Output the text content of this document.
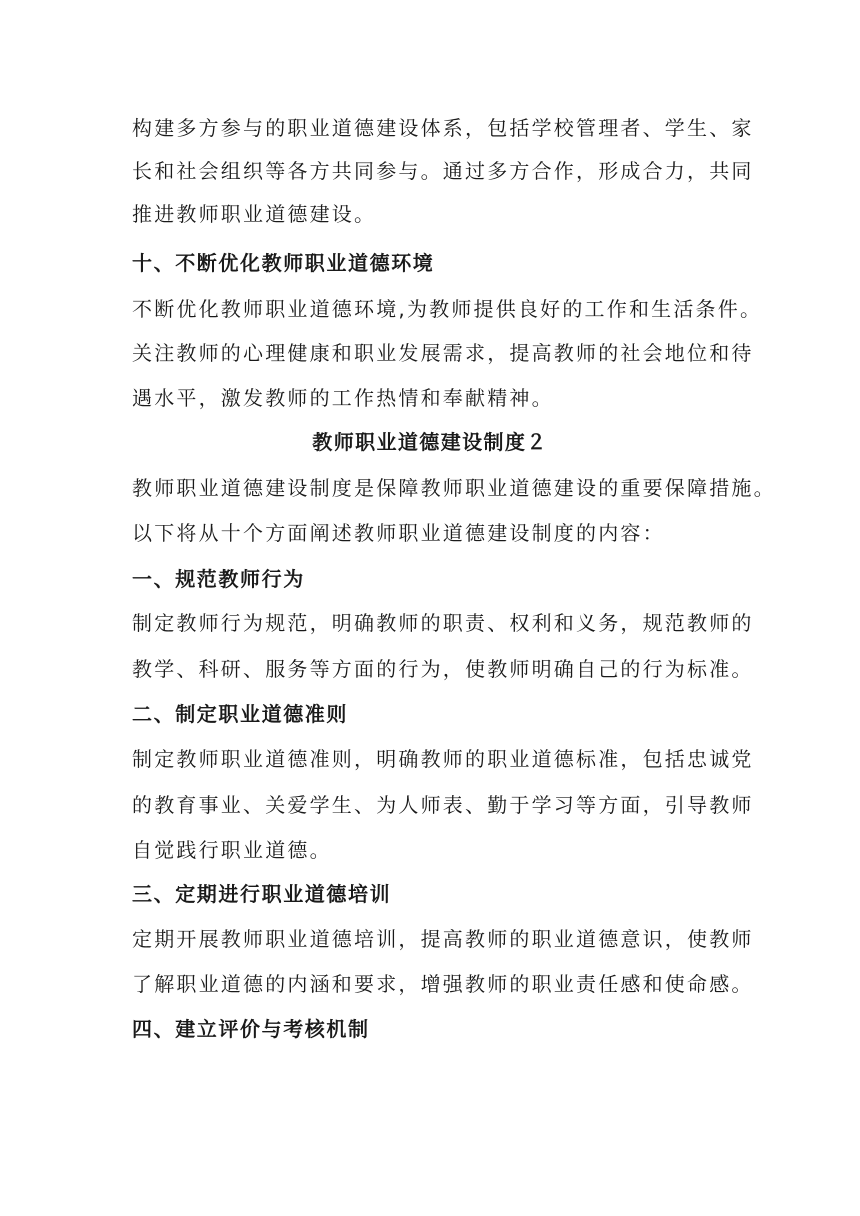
构建多方参与的职业道德建设体系，包括学校管理者、学生、家
长和社会组织等各方共同参与。通过多方合作，形成合力，共同
推进教师职业道德建设。
十、不断优化教师职业道德环境
不断优化教师职业道德环境,为教师提供良好的工作和生活条件。
关注教师的心理健康和职业发展需求，提高教师的社会地位和待
遇水平，激发教师的工作热情和奉献精神。
教师职业道德建设制度２
教师职业道德建设制度是保障教师职业道德建设的重要保障措施。
以下将从十个方面阐述教师职业道德建设制度的内容：
一、规范教师行为
制定教师行为规范，明确教师的职责、权利和义务，规范教师的
教学、科研、服务等方面的行为，使教师明确自己的行为标准。
二、制定职业道德准则
制定教师职业道德准则，明确教师的职业道德标准，包括忠诚党
的教育事业、关爱学生、为人师表、勤于学习等方面，引导教师
自觉践行职业道德。
三、定期进行职业道德培训
定期开展教师职业道德培训，提高教师的职业道德意识，使教师
了解职业道德的内涵和要求，增强教师的职业责任感和使命感。
四、建立评价与考核机制
